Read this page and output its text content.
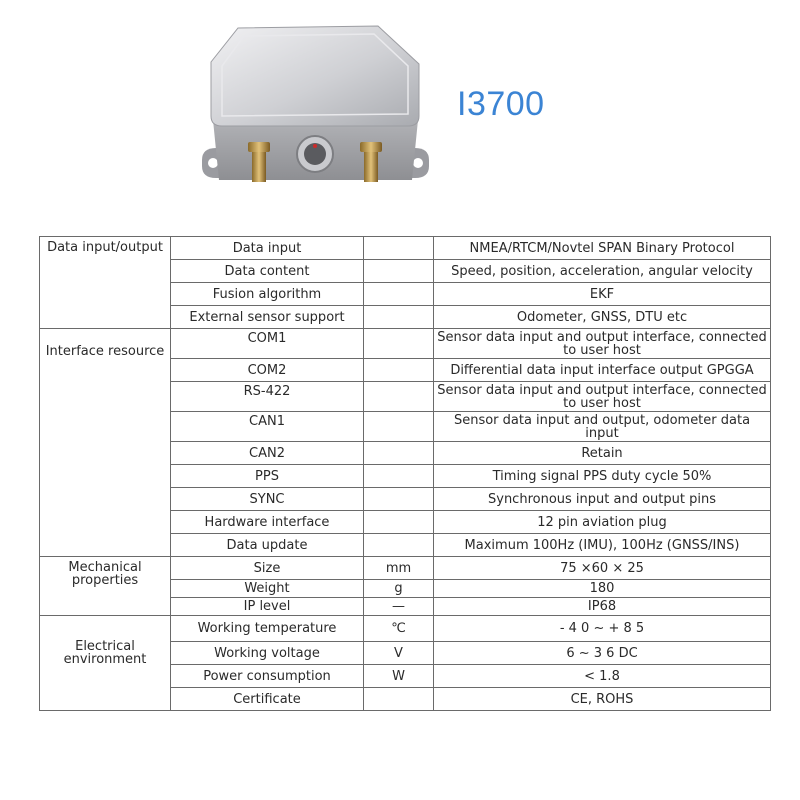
I3700
Data input/output	Data input		NMEA/RTCM/Novtel SPAN Binary Protocol
	Data content		Speed, position, acceleration, angular velocity
	Fusion algorithm		EKF
	External sensor support		Odometer, GNSS, DTU etc

Interface resource	COM1		Sensor data input and output interface, connected to user host
	COM2		Differential data input interface output GPGGA
	RS-422		Sensor data input and output interface, connected to user host
	CAN1		Sensor data input and output, odometer data input
	CAN2		Retain
	PPS		Timing signal PPS duty cycle 50%
	SYNC		Synchronous input and output pins
	Hardware interface		12 pin aviation plug
	Data update		Maximum 100Hz (IMU), 100Hz (GNSS/INS)

Mechanical properties	Size	mm	75 ×60 × 25
	Weight	g	180
	IP level	—	IP68

Electrical environment	Working temperature	℃	- 4 0 ~ + 8 5
	Working voltage	V	6 ~ 3 6 DC
	Power consumption	W	< 1.8
	Certificate		CE, ROHS
